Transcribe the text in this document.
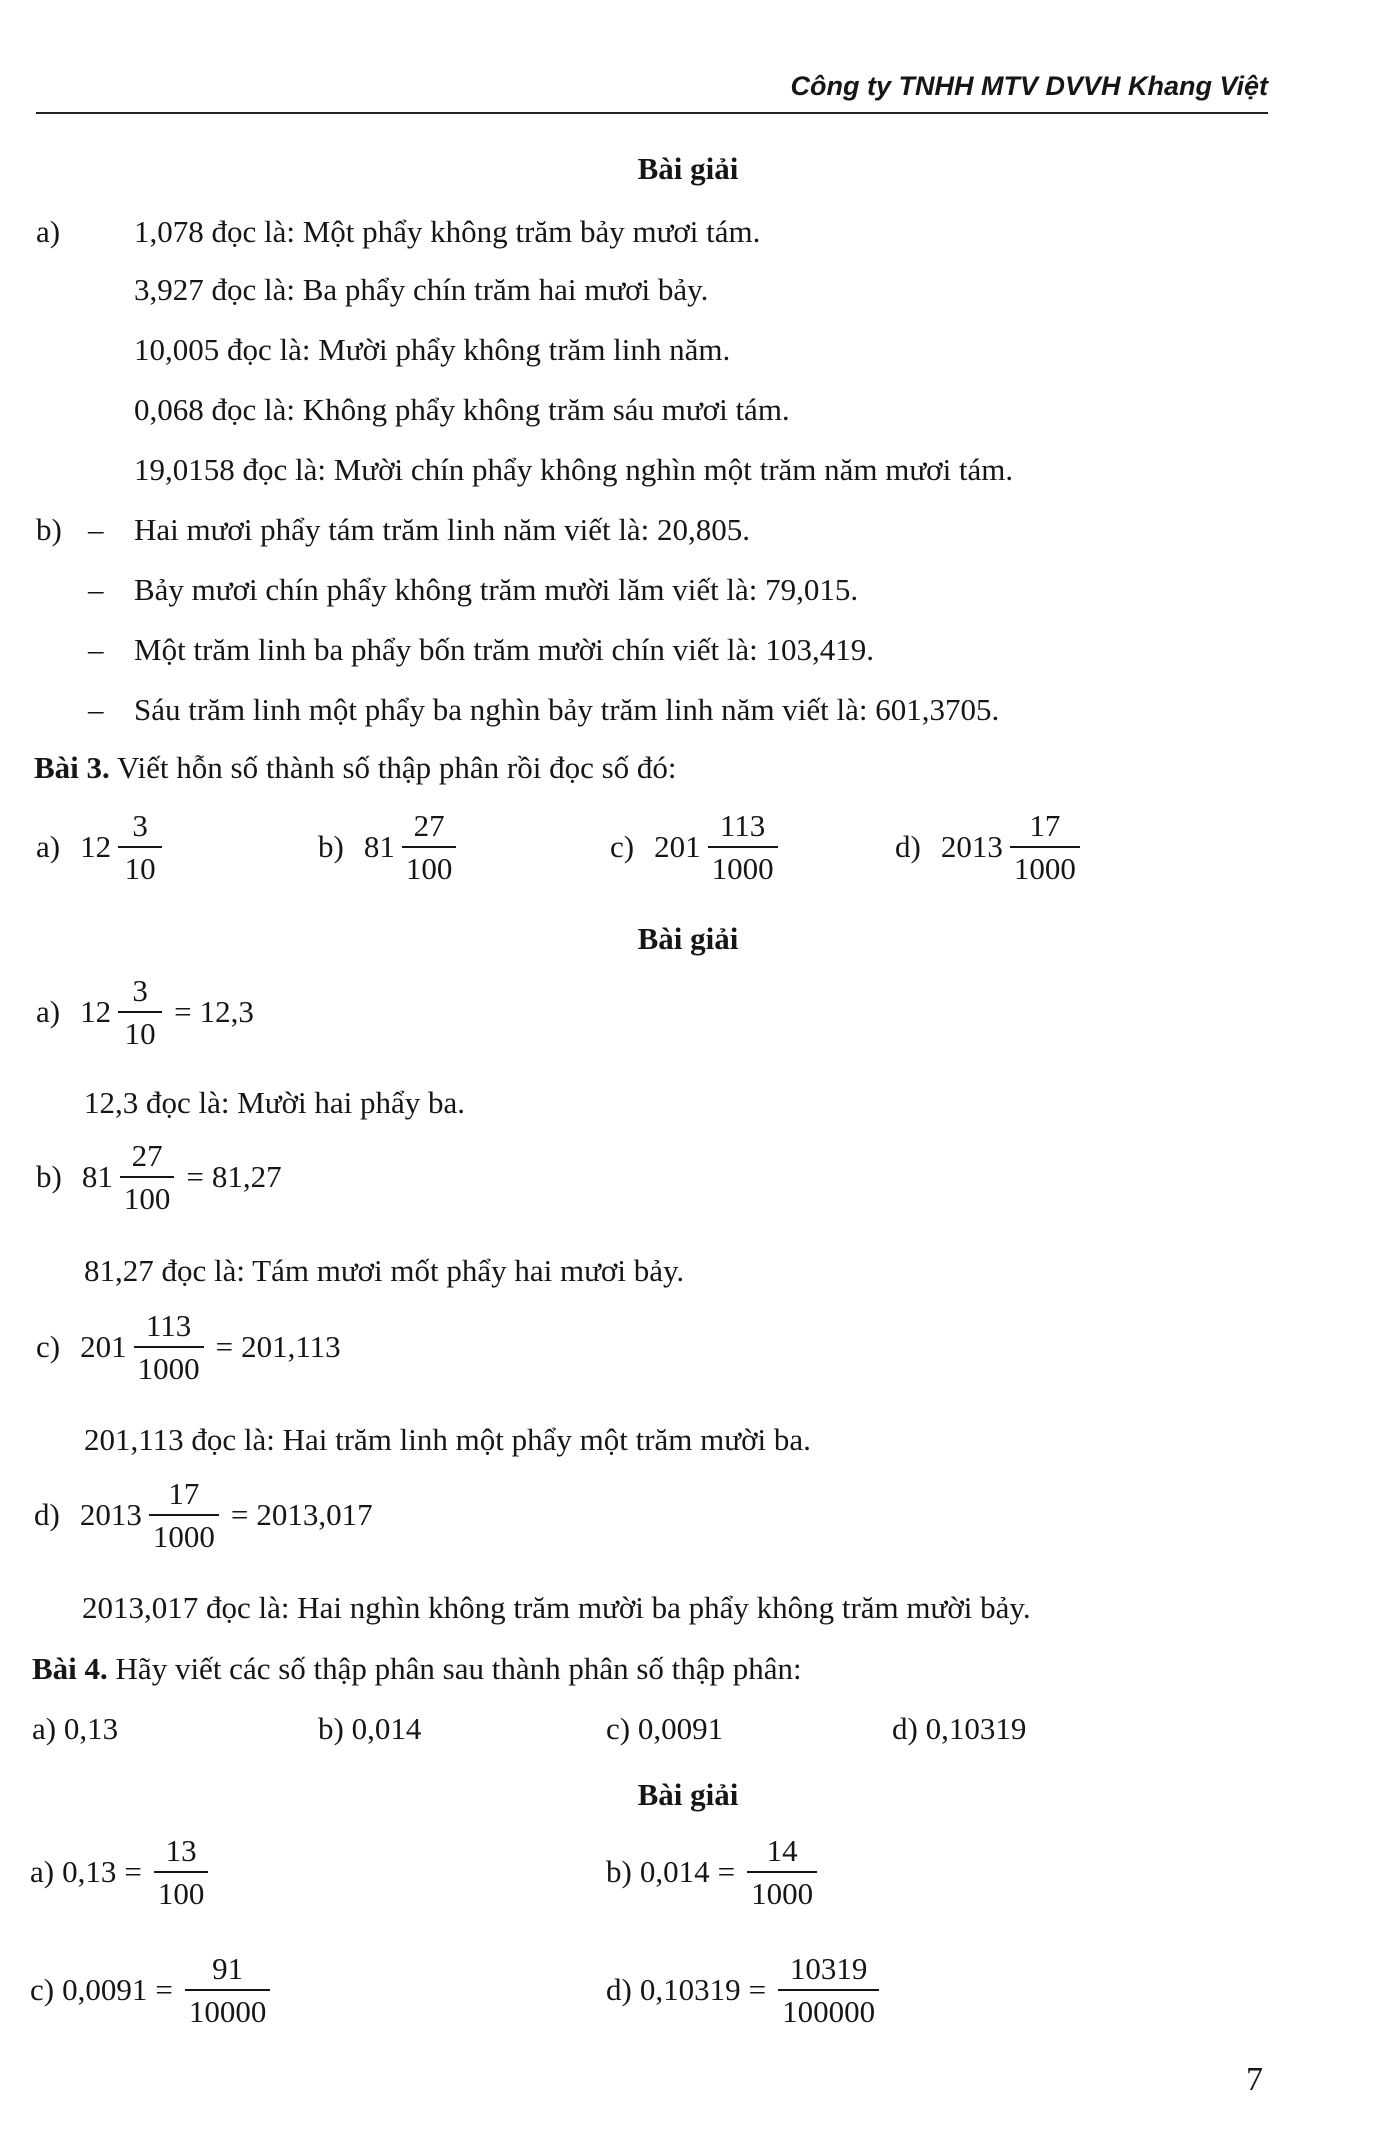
Công ty TNHH MTV DVVH Khang Việt
Bài giải
a) 1,078 đọc là: Một phẩy không trăm bảy mươi tám.
3,927 đọc là: Ba phẩy chín trăm hai mươi bảy.
10,005 đọc là: Mười phẩy không trăm linh năm.
0,068 đọc là: Không phẩy không trăm sáu mươi tám.
19,0158 đọc là: Mười chín phẩy không nghìn một trăm năm mươi tám.
b) – Hai mươi phẩy tám trăm linh năm viết là: 20,805.
– Bảy mươi chín phẩy không trăm mười lăm viết là: 79,015.
– Một trăm linh ba phẩy bốn trăm mười chín viết là: 103,419.
– Sáu trăm linh một phẩy ba nghìn bảy trăm linh năm viết là: 601,3705.
Bài 3. Viết hỗn số thành số thập phân rồi đọc số đó:
a) $12 \frac{3}{10}$	b) $81 \frac{27}{100}$	c) $201 \frac{113}{1000}$	d) $2013 \frac{17}{1000}$
Bài giải
a) $12 \frac{3}{10} = 12,3$
12,3 đọc là: Mười hai phẩy ba.
b) $81 \frac{27}{100} = 81,27$
81,27 đọc là: Tám mươi mốt phẩy hai mươi bảy.
c) $201 \frac{113}{1000} = 201,113$
201,113 đọc là: Hai trăm linh một phẩy một trăm mười ba.
d) $2013 \frac{17}{1000} = 2013,017$
2013,017 đọc là: Hai nghìn không trăm mười ba phẩy không trăm mười bảy.
Bài 4. Hãy viết các số thập phân sau thành phân số thập phân:
a) 0,13	b) 0,014	c) 0,0091	d) 0,10319
Bài giải
a) $0,13 = \frac{13}{100}$	b) $0,014 = \frac{14}{1000}$
c) $0,0091 = \frac{91}{10000}$	d) $0,10319 = \frac{10319}{100000}$
7
